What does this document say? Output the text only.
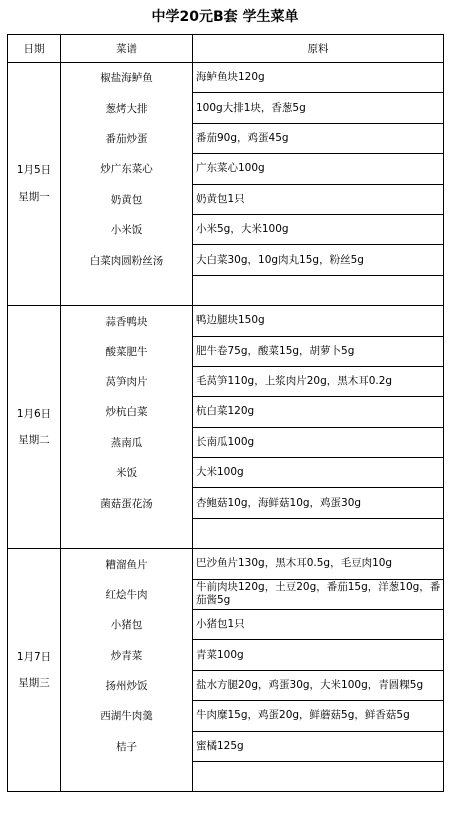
中学20元B套 学生菜单
日期	菜谱	原料

1月5日
星期一	椒盐海鲈鱼	海鲈鱼块120g
	葱烤大排	100g大排1块，香葱5g
	番茄炒蛋	番茄90g，鸡蛋45g
	炒广东菜心	广东菜心100g
	奶黄包	奶黄包1只
	小米饭	小米5g，大米100g
	白菜肉圆粉丝汤	大白菜30g，10g肉丸15g，粉丝5g

1月6日
星期二	蒜香鸭块	鸭边腿块150g
	酸菜肥牛	肥牛卷75g，酸菜15g，胡萝卜5g
	莴笋肉片	毛莴笋110g，上浆肉片20g，黑木耳0.2g
	炒杭白菜	杭白菜120g
	蒸南瓜	长南瓜100g
	米饭	大米100g
	菌菇蛋花汤	杏鲍菇10g，海鲜菇10g，鸡蛋30g

1月7日
星期三	糟溜鱼片	巴沙鱼片130g，黑木耳0.5g，毛豆肉10g
	红烩牛肉	牛前肉块120g，土豆20g，番茄15g，洋葱10g，番茄酱5g
	小猪包	小猪包1只
	炒青菜	青菜100g
	扬州炒饭	盐水方腿20g，鸡蛋30g，大米100g，青圆粿5g
	西湖牛肉羹	牛肉糜15g，鸡蛋20g，鲜蘑菇5g，鲜香菇5g
	桔子	蜜橘125g
